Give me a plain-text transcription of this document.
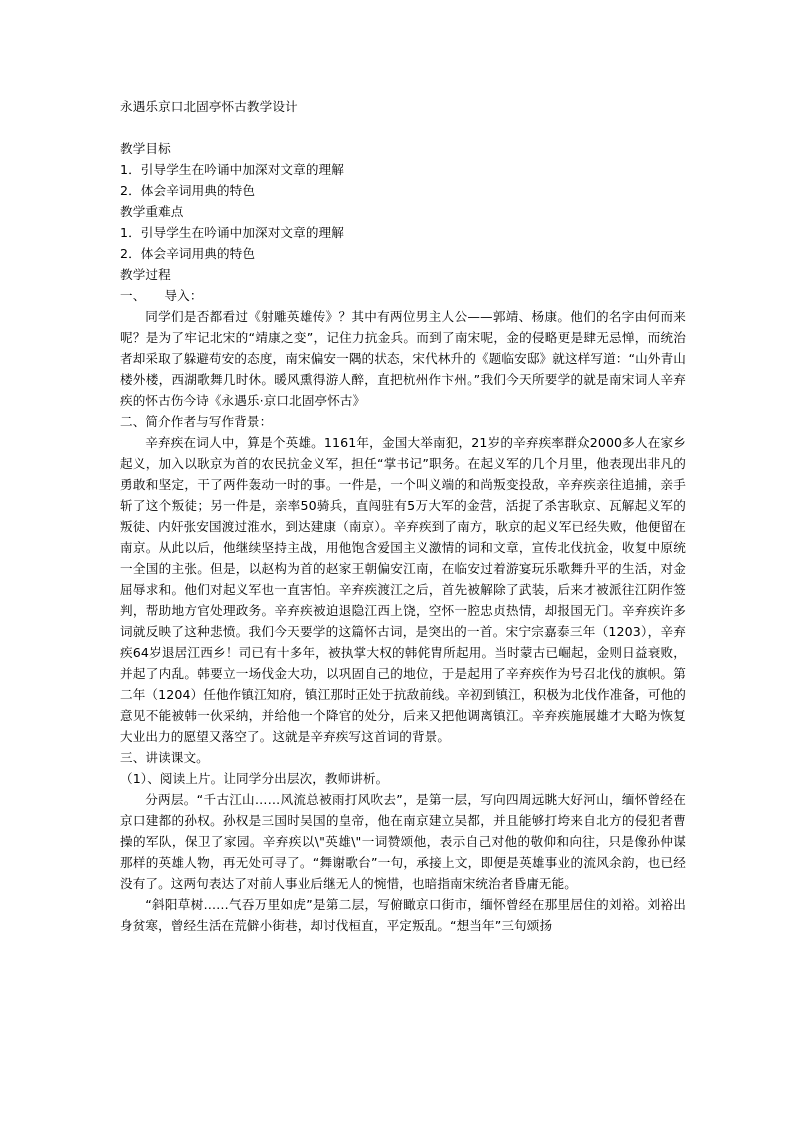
永遇乐京口北固亭怀古教学设计

教学目标

1．引导学生在吟诵中加深对文章的理解

2．体会辛词用典的特色

教学重难点

1．引导学生在吟诵中加深对文章的理解

2．体会辛词用典的特色

教学过程

一、　　导入：

同学们是否都看过《射雕英雄传》？其中有两位男主人公——郭靖、杨康。他们的名字由何而来呢？是为了牢记北宋的“靖康之变”，记住力抗金兵。而到了南宋呢，金的侵略更是肆无忌惮，而统治者却采取了躲避苟安的态度，南宋偏安一隅的状态，宋代林升的《题临安邸》就这样写道：“山外青山楼外楼，西湖歌舞几时休。暖风熏得游人醉，直把杭州作卞州。”我们今天所要学的就是南宋词人辛弃疾的怀古伤今诗《永遇乐·京口北固亭怀古》

二、简介作者与写作背景：

辛弃疾在词人中，算是个英雄。1161年，金国大举南犯，21岁的辛弃疾率群众2000多人在家乡起义，加入以耿京为首的农民抗金义军，担任“掌书记”职务。在起义军的几个月里，他表现出非凡的勇敢和坚定，干了两件轰动一时的事。一件是，一个叫义端的和尚叛变投敌，辛弃疾亲往追捕，亲手斩了这个叛徒；另一件是，亲率50骑兵，直闯驻有5万大军的金营，活捉了杀害耿京、瓦解起义军的叛徒、内奸张安国渡过淮水，到达建康（南京）。辛弃疾到了南方，耿京的起义军已经失败，他便留在南京。从此以后，他继续坚持主战，用他饱含爱国主义激情的词和文章，宣传北伐抗金，收复中原统一全国的主张。但是，以赵构为首的赵家王朝偏安江南，在临安过着游宴玩乐歌舞升平的生活，对金屈辱求和。他们对起义军也一直害怕。辛弃疾渡江之后，首先被解除了武装，后来才被派往江阴作签判，帮助地方官处理政务。辛弃疾被迫退隐江西上饶，空怀一腔忠贞热情，却报国无门。辛弃疾许多词就反映了这种悲愤。我们今天要学的这篇怀古词，是突出的一首。宋宁宗嘉泰三年（1203），辛弃疾64岁退居江西乡！司已有十多年，被执掌大权的韩侂胄所起用。当时蒙古已崛起，金则日益衰败，并起了内乱。韩要立一场伐金大功，以巩固自己的地位，于是起用了辛弃疾作为号召北伐的旗帜。第二年（1204）任他作镇江知府，镇江那时正处于抗敌前线。辛初到镇江，积极为北伐作准备，可他的意见不能被韩一伙采纳，并给他一个降官的处分，后来又把他调离镇江。辛弃疾施展雄才大略为恢复大业出力的愿望又落空了。这就是辛弃疾写这首词的背景。

三、讲读课文。

（1）、阅读上片。让同学分出层次，教师讲析。

分两层。“千古江山……风流总被雨打风吹去”，是第一层，写向四周远眺大好河山，缅怀曾经在京口建都的孙权。孙权是三国时吴国的皇帝，他在南京建立吴都，并且能够打垮来自北方的侵犯者曹操的军队，保卫了家园。辛弃疾以\"英雄\"一词赞颂他，表示自己对他的敬仰和向往，只是像孙仲谋那样的英雄人物，再无处可寻了。“舞谢歌台”一句，承接上文，即便是英雄事业的流风余韵，也已经没有了。这两句表达了对前人事业后继无人的惋惜，也暗指南宋统治者昏庸无能。

“斜阳草树……气吞万里如虎”是第二层，写俯瞰京口街市，缅怀曾经在那里居住的刘裕。刘裕出身贫寒，曾经生活在荒僻小街巷，却讨伐桓直，平定叛乱。“想当年”三句颂扬
